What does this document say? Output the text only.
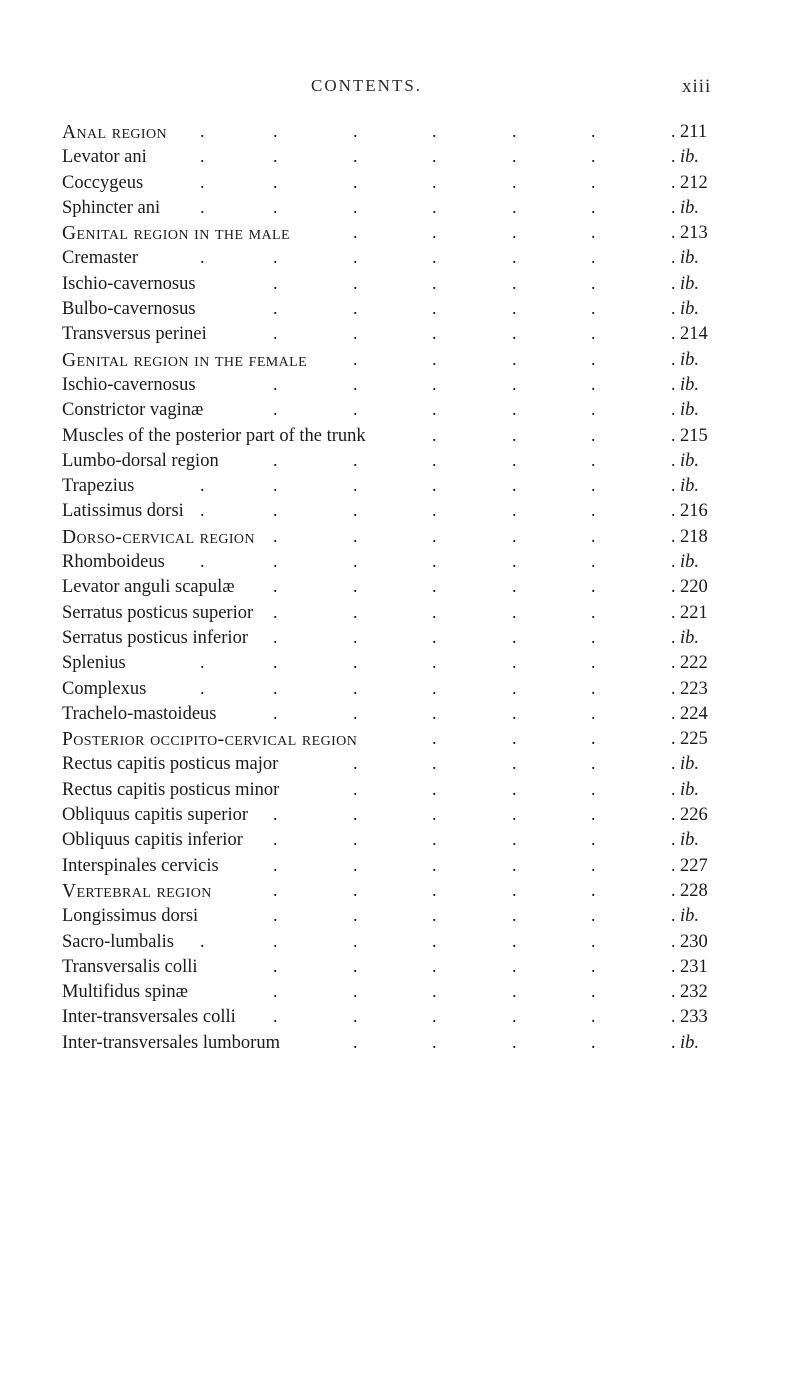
CONTENTS.	xiii
.	.	.	.	.	.	.
Anal region	211
.	.	.	.	.	.	.
Levator ani	ib.
.	.	.	.	.	.	.
Coccygeus	212
.	.	.	.	.	.	.
Sphincter ani	ib.
.	.	.	.	.
Genital region in the male	213
.	.	.	.	.	.	.
Cremaster	ib.
.	.	.	.	.	.
Ischio-cavernosus	ib.
.	.	.	.	.	.
Bulbo-cavernosus	ib.
.	.	.	.	.	.
Transversus perinei	214
.	.	.	.	.
Genital region in the female	ib.
.	.	.	.	.	.
Ischio-cavernosus	ib.
.	.	.	.	.	.
Constrictor vaginæ	ib.
.	.	.	.
Muscles of the posterior part of the trunk	215
.	.	.	.	.	.
Lumbo-dorsal region	ib.
.	.	.	.	.	.	.
Trapezius	ib.
.	.	.	.	.	.	.
Latissimus dorsi	216
.	.	.	.	.	.
Dorso-cervical region	218
.	.	.	.	.	.	.
Rhomboideus	ib.
.	.	.	.	.	.
Levator anguli scapulæ	220
.	.	.	.	.	.
Serratus posticus superior	221
.	.	.	.	.	.
Serratus posticus inferior	ib.
.	.	.	.	.	.	.
Splenius	222
.	.	.	.	.	.	.
Complexus	223
.	.	.	.	.	.
Trachelo-mastoideus	224
.	.	.	.
Posterior occipito-cervical region	225
.	.	.	.	.
Rectus capitis posticus major	ib.
.	.	.	.	.
Rectus capitis posticus minor	ib.
.	.	.	.	.	.
Obliquus capitis superior	226
.	.	.	.	.	.
Obliquus capitis inferior	ib.
.	.	.	.	.	.
Interspinales cervicis	227
.	.	.	.	.	.
Vertebral region	228
.	.	.	.	.	.
Longissimus dorsi	ib.
.	.	.	.	.	.	.
Sacro-lumbalis	230
.	.	.	.	.	.
Transversalis colli	231
.	.	.	.	.	.
Multifidus spinæ	232
.	.	.	.	.	.
Inter-transversales colli	233
.	.	.	.	.
Inter-transversales lumborum	ib.
